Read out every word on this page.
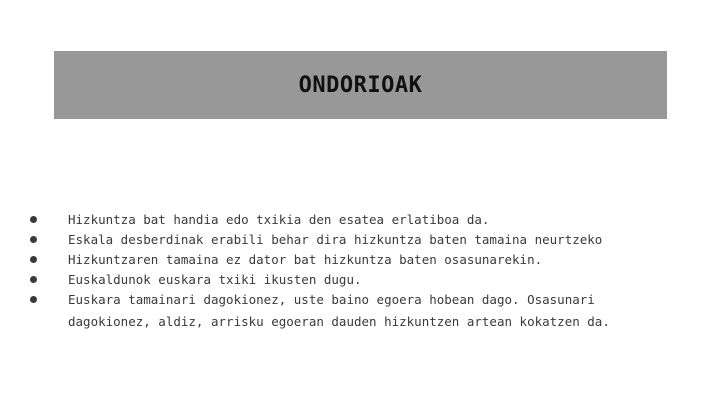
ONDORIOAK
Hizkuntza bat handia edo txikia den esatea erlatiboa da.
Eskala desberdinak erabili behar dira hizkuntza baten tamaina neurtzeko
Hizkuntzaren tamaina ez dator bat hizkuntza baten osasunarekin.
Euskaldunok euskara txiki ikusten dugu.
Euskara tamainari dagokionez, uste baino egoera hobean dago. Osasunari
dagokionez, aldiz, arrisku egoeran dauden hizkuntzen artean kokatzen da.
